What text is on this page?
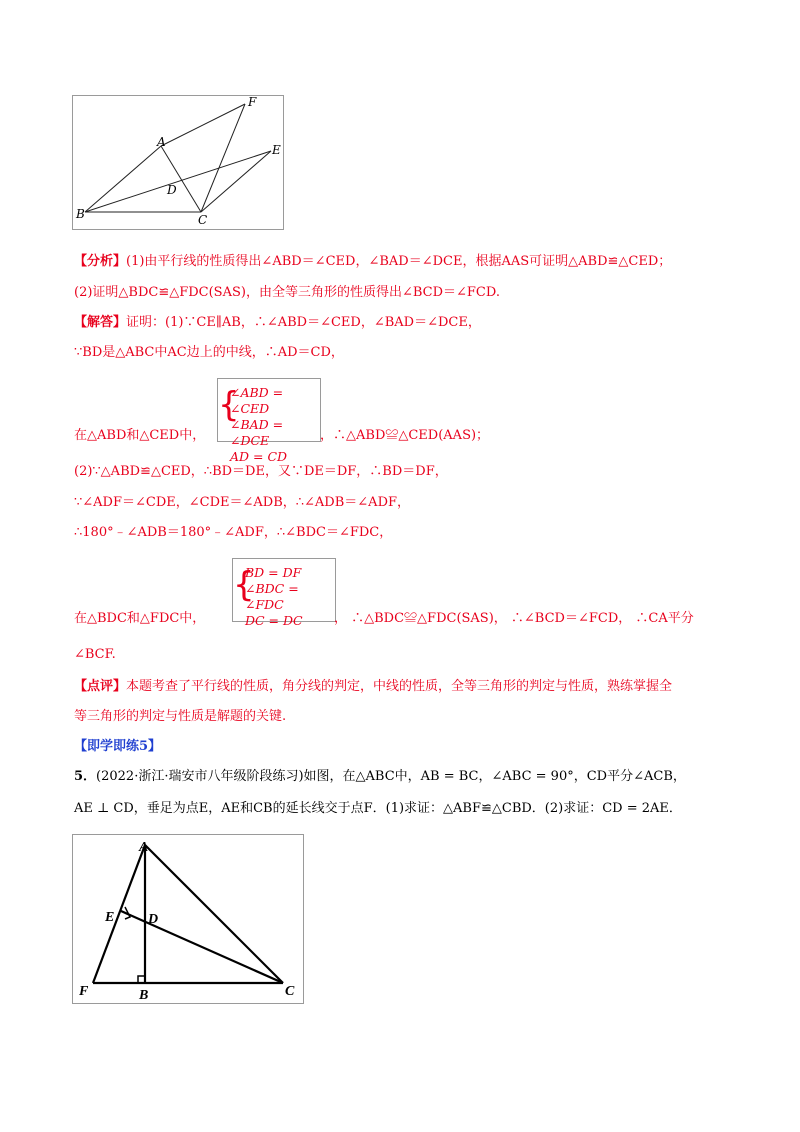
A
B	C
D
E
F
【分析】(1)由平行线的性质得出∠ABD＝∠CED，∠BAD＝∠DCE，根据AAS可证明△ABD≌△CED；
(2)证明△BDC≌△FDC(SAS)，由全等三角形的性质得出∠BCD＝∠FCD.
【解答】证明：(1)∵CE∥AB，∴∠ABD＝∠CED，∠BAD＝∠DCE，
∵BD是△ABC中AC边上的中线，∴AD＝CD，
{
∠ABD = ∠CED
∠BAD = ∠DCE
AD = CD
在△ABD和△CED中，	，∴△ABD≌△CED(AAS)；
(2)∵△ABD≌△CED，∴BD＝DE，又∵DE＝DF，∴BD＝DF，
∵∠ADF＝∠CDE，∠CDE＝∠ADB，∴∠ADB＝∠ADF，
∴180°﹣∠ADB＝180°﹣∠ADF，∴∠BDC＝∠FDC，
{
BD = DF
∠BDC = ∠FDC
DC = DC
在△BDC和△FDC中，	， ∴△BDC≌△FDC(SAS)， ∴∠BCD＝∠FCD， ∴CA平分
∠BCF.
【点评】本题考查了平行线的性质，角分线的判定，中线的性质，全等三角形的判定与性质，熟练掌握全
等三角形的判定与性质是解题的关键.
【即学即练5】
5．(2022·浙江·瑞安市八年级阶段练习)如图，在△ABC中，AB = BC，∠ABC = 90°，CD平分∠ACB，
AE ⊥ CD，垂足为点E，AE和CB的延长线交于点F．(1)求证：△ABF≌△CBD．(2)求证：CD = 2AE．
A
B	C
D
E
F
